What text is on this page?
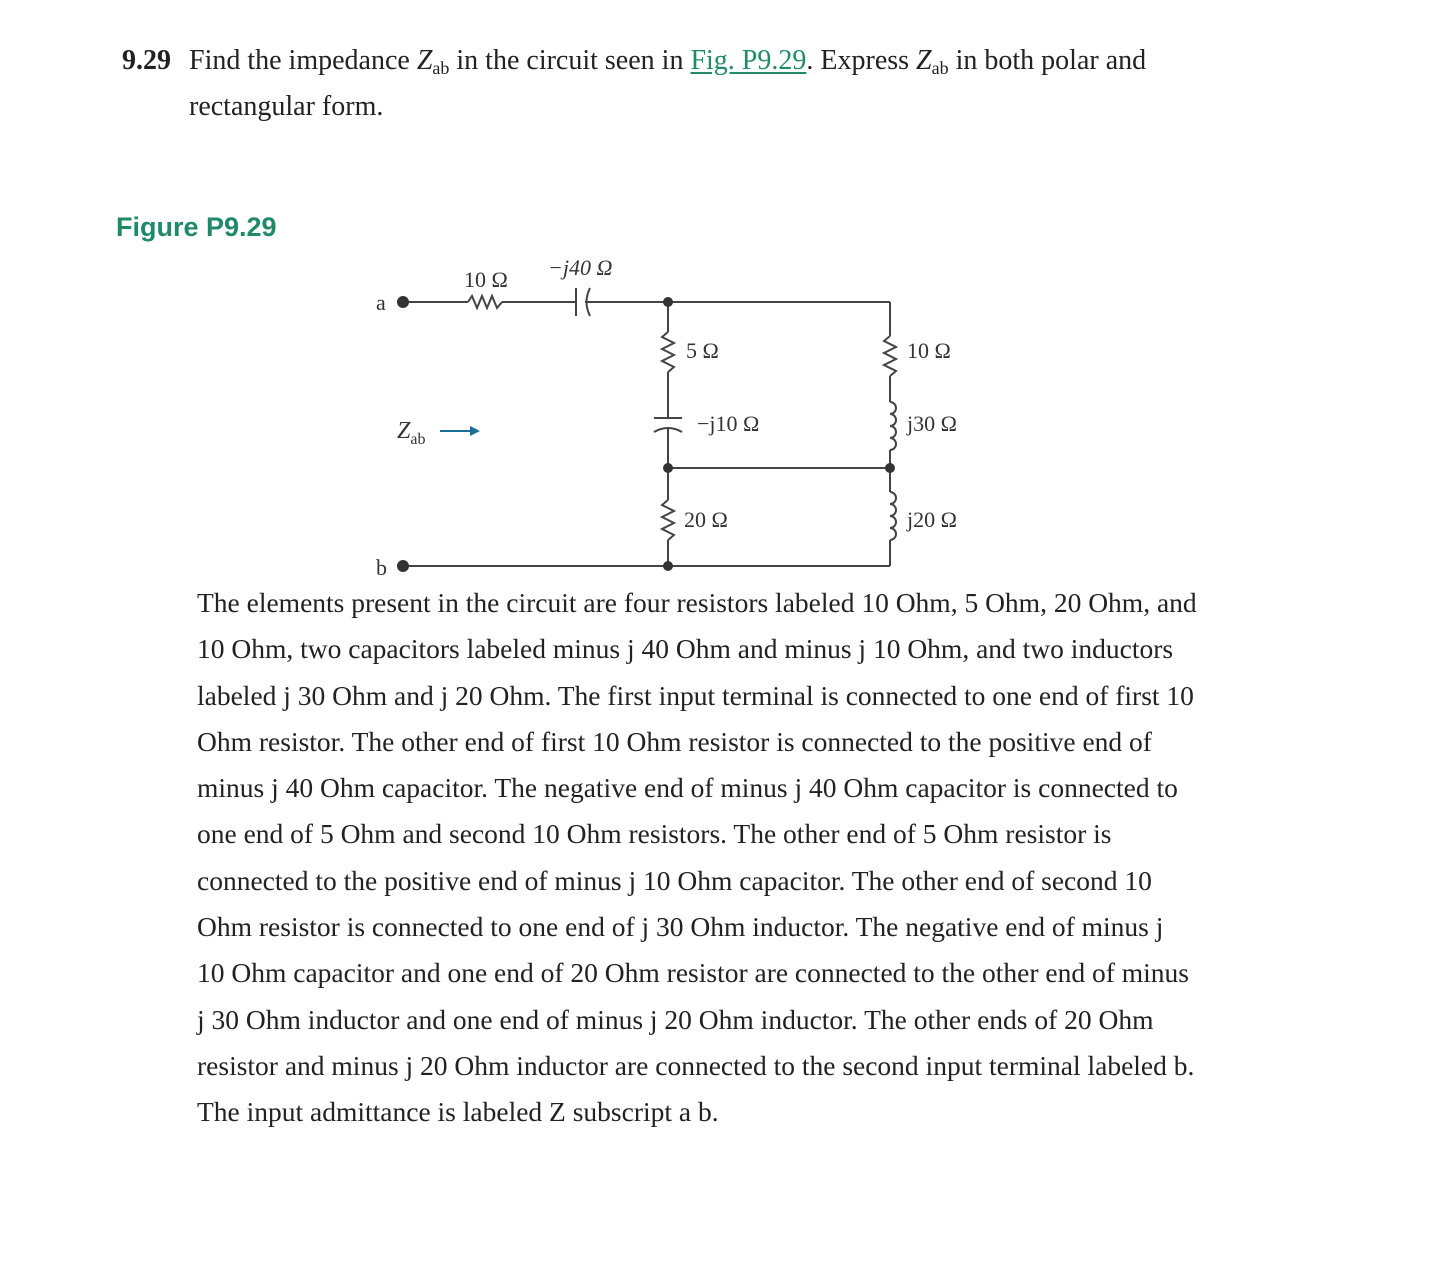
9.29 Find the impedance $Z_{ab}$ in the circuit seen in Fig. P9.29. Express $Z_{ab}$ in both polar and
rectangular form.
Figure P9.29
a
b
10 Ω −j40 Ω
5 Ω
−j10 Ω
20 Ω
10 Ω
j30 Ω
j20 Ω
$Z_{ab}$

The elements present in the circuit are four resistors labeled 10 Ohm, 5 Ohm, 20 Ohm, and 10 Ohm, two capacitors labeled minus j 40 Ohm and minus j 10 Ohm, and two inductors labeled j 30 Ohm and j 20 Ohm. The first input terminal is connected to one end of first 10 Ohm resistor. The other end of first 10 Ohm resistor is connected to the positive end of minus j 40 Ohm capacitor. The negative end of minus j 40 Ohm capacitor is connected to one end of 5 Ohm and second 10 Ohm resistors. The other end of 5 Ohm resistor is connected to the positive end of minus j 10 Ohm capacitor. The other end of second 10 Ohm resistor is connected to one end of j 30 Ohm inductor. The negative end of minus j 10 Ohm capacitor and one end of 20 Ohm resistor are connected to the other end of minus j 30 Ohm inductor and one end of minus j 20 Ohm inductor. The other ends of 20 Ohm resistor and minus j 20 Ohm inductor are connected to the second input terminal labeled b. The input admittance is labeled Z subscript a b.
